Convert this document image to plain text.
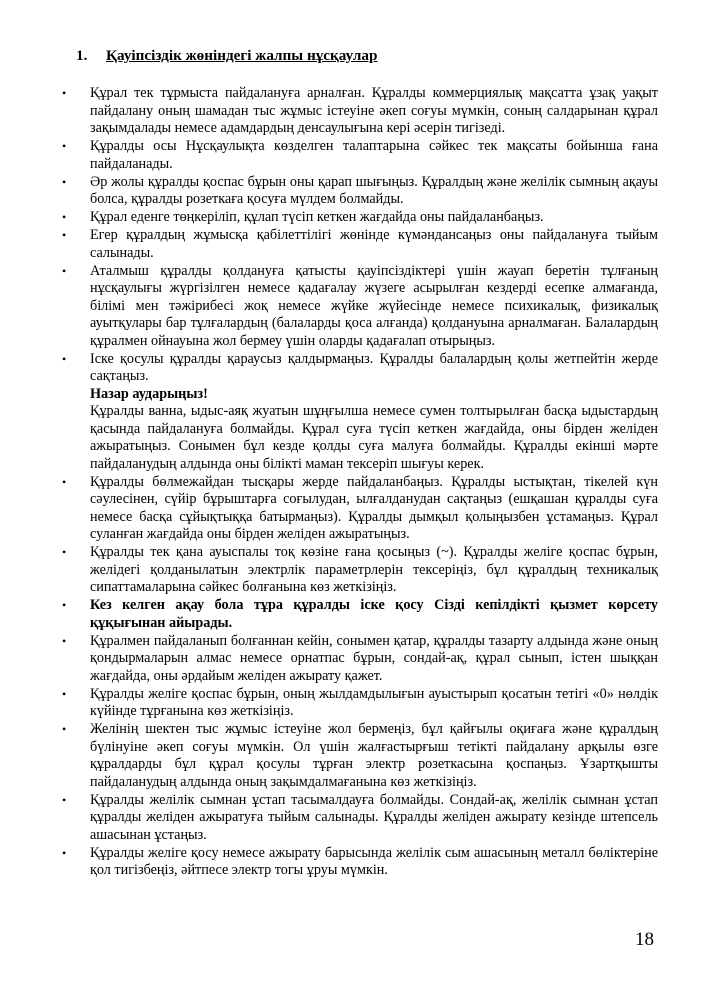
1. Қауіпсіздік жөніндегі жалпы нұсқаулар
• Құрал тек тұрмыста пайдалануға арналған. Құралды коммерциялық мақсатта ұзақ уақыт пайдалану оның шамадан тыс жұмыс істеуіне әкеп соғуы мүмкін, соның салдарынан құрал зақымдалады немесе адамдардың денсаулығына кері әсерін тигізеді.

• Құралды осы Нұсқаулықта көзделген талаптарына сәйкес тек мақсаты бойынша ғана пайдаланады.

• Әр жолы құралды қоспас бұрын оны қарап шығыңыз. Құралдың және желілік сымның ақауы болса, құралды розеткаға қосуға мүлдем болмайды.

• Құрал еденге төңкеріліп, құлап түсіп кеткен жағдайда оны пайдаланбаңыз.

• Егер құралдың жұмысқа қабілеттілігі жөнінде күмәндансаңыз оны пайдалануға тыйым салынады.

• Аталмыш құралды қолдануға қатысты қауіпсіздіктері үшін жауап беретін тұлғаның нұсқаулығы жүргізілген немесе қадағалау жүзеге асырылған кездерді есепке алмағанда, білімі мен тәжірибесі жоқ немесе жүйке жүйесінде немесе психикалық, физикалық ауытқулары бар тұлғалардың (балаларды қоса алғанда) қолдануына арналмаған. Балалардың құралмен ойнауына жол бермеу үшін оларды қадағалап отырыңыз.

• Іске қосулы құралды қараусыз қалдырмаңыз. Құралды балалардың қолы жетпейтін жерде сақтаңыз.

Назар аударыңыз!

Құралды ванна, ыдыс-аяқ жуатын шұңғылша немесе сумен толтырылған басқа ыдыстардың қасында пайдалануға болмайды. Құрал суға түсіп кеткен жағдайда, оны бірден желіден ажыратыңыз. Сонымен бұл кезде қолды суға малуға болмайды. Құралды екінші мәрте пайдаланудың алдында оны білікті маман тексеріп шығуы керек.

• Құралды бөлмежайдан тысқары жерде пайдаланбаңыз. Құралды ыстықтан, тікелей күн сәулесінен, сүйір бұрыштарға соғылудан, ылғалданудан сақтаңыз (ешқашан құралды суға немесе басқа сұйықтыққа батырмаңыз). Құралды дымқыл қолыңызбен ұстамаңыз. Құрал суланған жағдайда оны бірден желіден ажыратыңыз.

• Құралды тек қана ауыспалы тоқ көзіне ғана қосыңыз (~). Құралды желіге қоспас бұрын, желідегі қолданылатын электрлік параметрлерін тексеріңіз, бұл құралдың техникалық сипаттамаларына сәйкес болғанына көз жеткізіңіз.

• Кез келген ақау бола тұра құралды іске қосу Сізді кепілдікті қызмет көрсету құқығынан айырады.

• Құралмен пайдаланып болғаннан кейін, сонымен қатар, құралды тазарту алдында және оның қондырмаларын алмас немесе орнатпас бұрын, сондай-ақ, құрал сынып, істен шыққан жағдайда, оны әрдайым желіден ажырату қажет.

• Құралды желіге қоспас бұрын, оның жылдамдылығын ауыстырып қосатын тетігі «0» нөлдік күйінде тұрғанына көз жеткізіңіз.

• Желінің шектен тыс жұмыс істеуіне жол бермеңіз, бұл қайғылы оқиғаға және құралдың бүлінуіне әкеп соғуы мүмкін. Ол үшін жалғастырғыш тетікті пайдалану арқылы өзге құралдарды бұл құрал қосулы тұрған электр розеткасына қоспаңыз. Ұзартқышты пайдаланудың алдында оның зақымдалмағанына көз жеткізіңіз.

• Құралды желілік сымнан ұстап тасымалдауға болмайды. Сондай-ақ, желілік сымнан ұстап құралды желіден ажыратуға тыйым салынады. Құралды желіден ажырату кезінде штепсель ашасынан ұстаңыз.

• Құралды желіге қосу немесе ажырату барысында желілік сым ашасының металл бөліктеріне қол тигізбеңіз, әйтпесе электр тогы ұруы мүмкін.

18
